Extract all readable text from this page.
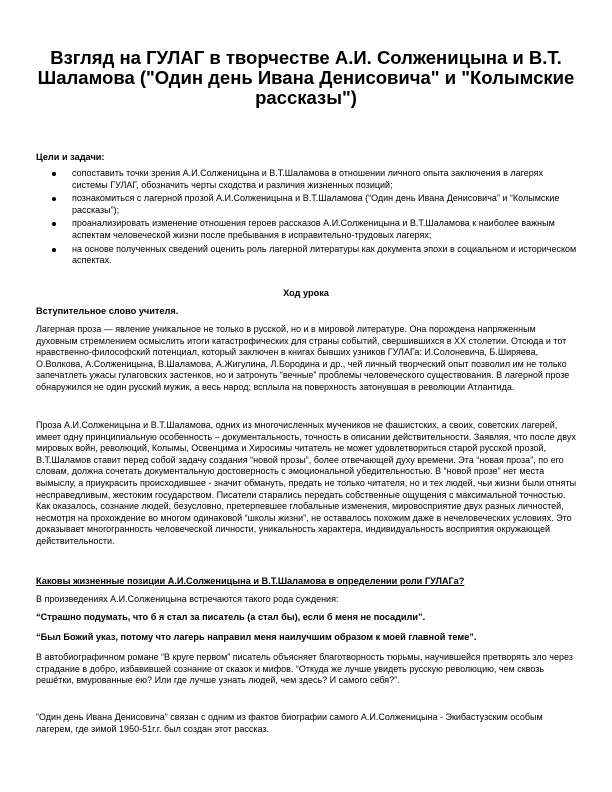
Взгляд на ГУЛАГ в творчестве А.И. Солженицына и В.Т. Шаламова ("Один день Ивана Денисовича" и "Колымские рассказы")

Цели и задачи:

сопоставить точки зрения А.И.Солженицына и В.Т.Шаламова в отношении личного опыта заключения в лагерях системы ГУЛАГ, обозначить черты сходства и различия жизненных позиций;
познакомиться с лагерной прозой А.И.Солженицына и В.Т.Шаламова (“Один день Ивана Денисовича” и “Колымские рассказы”);
проанализировать изменение отношения героев рассказов А.И.Солженицына и В.Т.Шаламова к наиболее важным аспектам человеческой жизни после пребывания в исправительно-трудовых лагерях;
на основе полученных сведений оценить роль лагерной литературы как документа эпохи в социальном и историческом аспектах.

Ход урока

Вступительное слово учителя.

Лагерная проза — явление уникальное не только в русской, но и в мировой литературе. Она порождена напряженным духовным стремлением осмыслить итоги катастрофических для страны событий, свершившихся в ХХ столетии. Отсюда и тот нравственно-философский потенциал, который заключен в книгах бывших узников ГУЛАГа: И.Солоневича, Б.Ширяева, О.Волкова, А.Солженицына, В.Шаламова, А.Жигулина, Л.Бородина и др., чей личный творческий опыт позволил им не только запечатлеть ужасы гулаговских застенков, но и затронуть “вечные” проблемы человеческого существования. В лагерной прозе обнаружился не один русский мужик, а весь народ; всплыла на поверхность затонувшая в революции Атлантида.

Проза А.И.Солженицына и В.Т.Шаламова, одних из многочисленных мучеников не фашистских, а своих, советских лагерей, имеет одну принципиальную особенность – документальность, точность в описании действительности. Заявляя, что после двух мировых войн, революций, Колымы, Освенцима и Хиросимы читатель не может удовлетвориться старой русской прозой, В.Т.Шаламов ставит перед собой задачу создания “новой прозы”, более отвечающей духу времени. Эта “новая проза”, по его словам, должна сочетать документальную достоверность с эмоциональной убедительностью. В “новой прозе” нет места вымыслу, а приукрасить происходившее - значит обмануть, предать не только читателя, но и тех людей, чьи жизни были отняты несправедливым, жестоким государством. Писатели старались передать собственные ощущения с максимальной точностью. Как оказалось, сознание людей, безусловно, претерпевшее глобальные изменения, мировосприятие двух разных личностей, несмотря на прохождение во многом одинаковой “школы жизни”, не оставалось похожим даже в нечеловеческих условиях. Это доказывает многогранность человеческой личности, уникальность характера, индивидуальность восприятия окружающей действительности.

Каковы жизненные позиции А.И.Солженицына и В.Т.Шаламова в определении роли ГУЛАГа?

В произведениях А.И.Солженицына встречаются такого рода суждения:

“Страшно подумать, что б я стал за писатель (а стал бы), если б меня не посадили”.

“Был Божий указ, потому что лагерь направил меня наилучшим образом к моей главной теме”.

В автобиографичном романе “В круге первом” писатель объясняет благотворность тюрьмы, научившейся претворять зло через страдание в добро, избавившей сознание от сказок и мифов. “Откуда же лучше увидеть русскую революцию, чем сквозь решётки, вмурованные ею? Или где лучше узнать людей, чем здесь? И самого себя?”.

“Один день Ивана Денисовича” связан с одним из фактов биографии самого А.И.Солженицына - Экибастузским особым лагерем, где зимой 1950-51г.г. был создан этот рассказ.
